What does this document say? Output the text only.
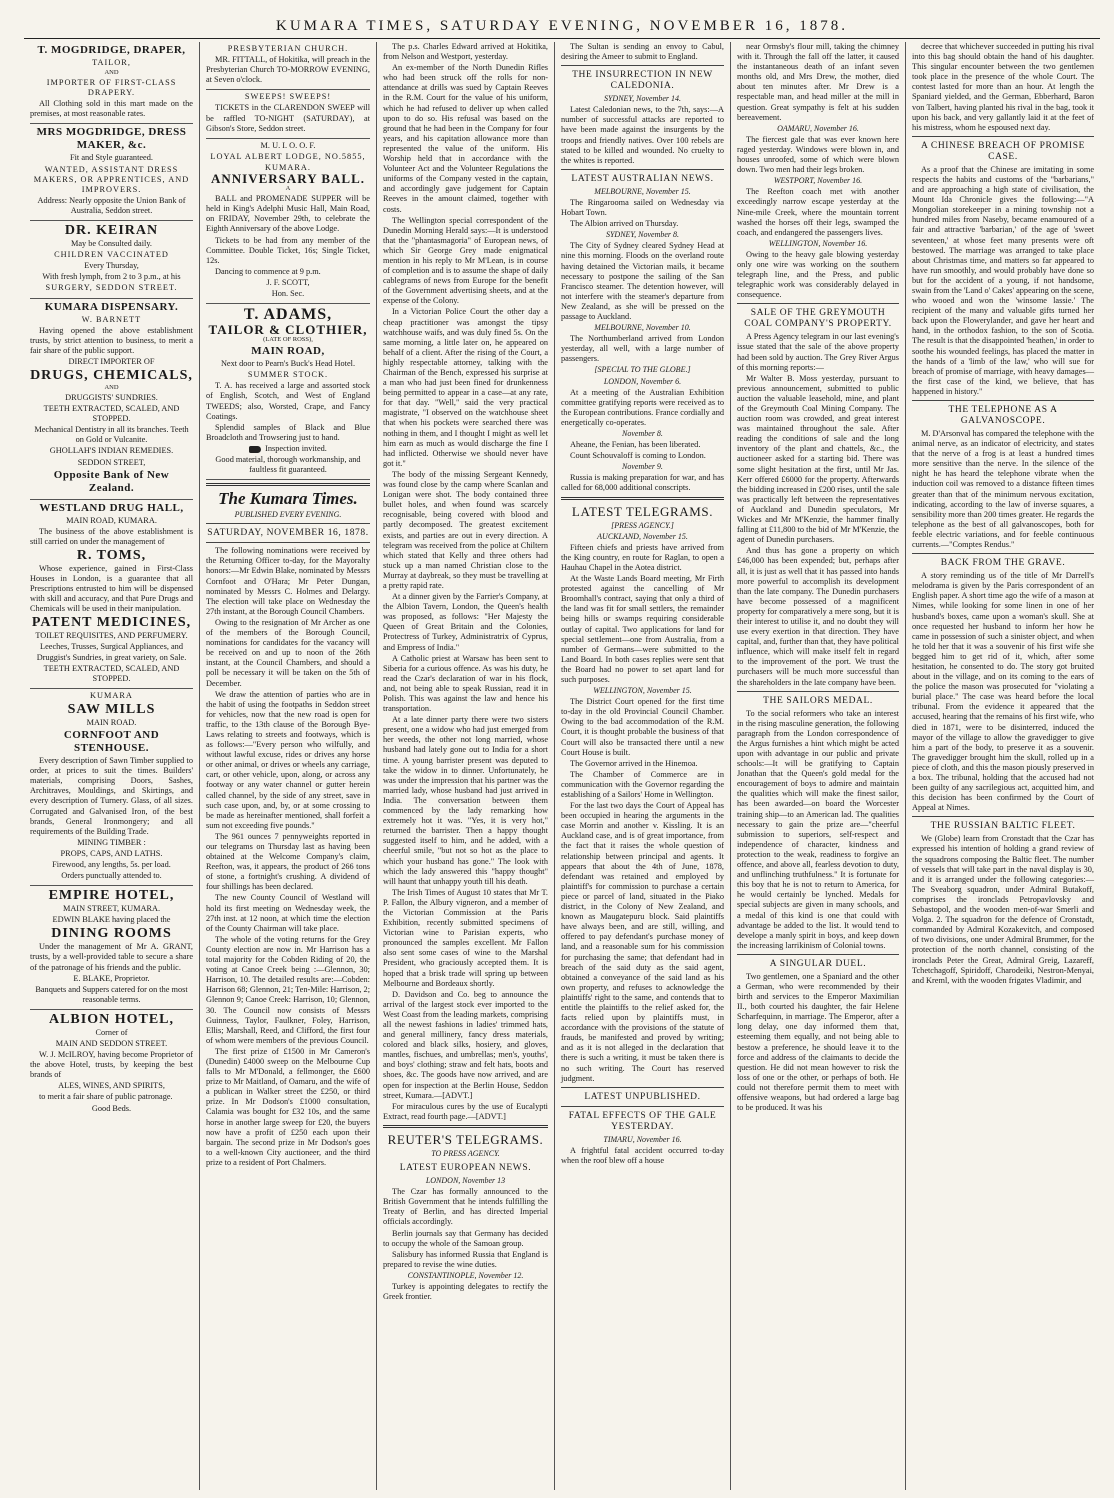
KUMARA TIMES, SATURDAY EVENING, NOVEMBER 16, 1878.

T. MOGDRIDGE, DRAPER,

TAILOR,

AND

IMPORTER OF FIRST-CLASS DRAPERY.

All Clothing sold in this mart made on the premises, at most reasonable rates.

MRS MOGDRIDGE, DRESS MAKER, &c.

Fit and Style guaranteed.

WANTED, ASSISTANT DRESS MAKERS, OR APPRENTICES, AND IMPROVERS.

Address: Nearly opposite the Union Bank of Australia, Seddon street.

DR. KEIRAN

May be Consulted daily.

CHILDREN VACCINATED

Every Thursday,

With fresh lymph, from 2 to 3 p.m., at his

SURGERY, SEDDON STREET.

KUMARA DISPENSARY.

W. BARNETT

Having opened the above establishment trusts, by strict attention to business, to merit a fair share of the public support.

DIRECT IMPORTER OF

DRUGS, CHEMICALS,

AND

DRUGGISTS' SUNDRIES.

TEETH EXTRACTED, SCALED, AND STOPPED.

Mechanical Dentistry in all its branches. Teeth on Gold or Vulcanite.

GHOLLAH'S INDIAN REMEDIES.

SEDDON STREET,

Opposite Bank of New Zealand.

WESTLAND DRUG HALL,

MAIN ROAD, KUMARA.

The business of the above establishment is still carried on under the management of

R. TOMS,

Whose experience, gained in First-Class Houses in London, is a guarantee that all Prescriptions entrusted to him will be dispensed with skill and accuracy, and that Pure Drugs and Chemicals will be used in their manipulation.

PATENT MEDICINES,

TOILET REQUISITES, AND PERFUMERY.

Leeches, Trusses, Surgical Appliances, and Druggist's Sundries, in great variety, on Sale.

TEETH EXTRACTED, SCALED, AND STOPPED.

KUMARA

SAW MILLS

MAIN ROAD.

CORNFOOT AND STENHOUSE.

Every description of Sawn Timber supplied to order, at prices to suit the times. Builders' materials, comprising Doors, Sashes, Architraves, Mouldings, and Skirtings, and every description of Turnery. Glass, of all sizes. Corrugated and Galvanised Iron, of the best brands, General Ironmongery; and all requirements of the Building Trade.

MINING TIMBER :

PROPS, CAPS, AND LATHS.

Firewood, any lengths, 5s. per load.

Orders punctually attended to.

EMPIRE HOTEL,

MAIN STREET, KUMARA.

EDWIN BLAKE having placed the

DINING ROOMS

Under the management of Mr A. GRANT, trusts, by a well-provided table to secure a share of the patronage of his friends and the public.

E. BLAKE, Proprietor.

Banquets and Suppers catered for on the most reasonable terms.

ALBION HOTEL,

Corner of

MAIN AND SEDDON STREET.

W. J. McILROY, having become Proprietor of the above Hotel, trusts, by keeping the best brands of

ALES, WINES, AND SPIRITS,

to merit a fair share of public patronage.

Good Beds.

PRESBYTERIAN CHURCH.

MR. FITTALL, of Hokitika, will preach in the Presbyterian Church TO-MORROW EVENING, at Seven o'clock.

SWEEPS! SWEEPS!

TICKETS in the CLARENDON SWEEP will be raffled TO-NIGHT (SATURDAY), at Gibson's Store, Seddon street.

M. U. I. O. O. F.

LOYAL ALBERT LODGE, NO.5855,

KUMARA.

ANNIVERSARY BALL.

A

BALL and PROMENADE SUPPER will be held in King's Adelphi Music Hall, Main Road, on FRIDAY, November 29th, to celebrate the Eighth Anniversary of the above Lodge.

Tickets to be had from any member of the Committee. Double Ticket, 16s; Single Ticket, 12s.

Dancing to commence at 9 p.m.

J. F. SCOTT,

Hon. Sec.

T. ADAMS,

TAILOR & CLOTHIER,

(LATE OF ROSS),

MAIN ROAD,

Next door to Pearn's Buck's Head Hotel.

SUMMER STOCK.

T. A. has received a large and assorted stock of English, Scotch, and West of England TWEEDS; also, Worsted, Crape, and Fancy Coatings.

Splendid samples of Black and Blue Broadcloth and Trowsering just to hand.

Inspection invited.

Good material, thorough workmanship, and faultless fit guaranteed.

The Kumara Times.
PUBLISHED EVERY EVENING.
SATURDAY, NOVEMBER 16, 1878.

The following nominations were received by the Returning Officer to-day, for the Mayoralty honors:—Mr Edwin Blake, nominated by Messrs Cornfoot and O'Hara; Mr Peter Dungan, nominated by Messrs C. Holmes and Delargy. The election will take place on Wednesday the 27th instant, at the Borough Council Chambers.

Owing to the resignation of Mr Archer as one of the members of the Borough Council, nominations for candidates for the vacancy will be received on and up to noon of the 26th instant, at the Council Chambers, and should a poll be necessary it will be taken on the 5th of December.

We draw the attention of parties who are in the habit of using the footpaths in Seddon street for vehicles, now that the new road is open for traffic, to the 13th clause of the Borough Bye-Laws relating to streets and footways, which is as follows:—"Every person who wilfully, and without lawful excuse, rides or drives any horse or other animal, or drives or wheels any carriage, cart, or other vehicle, upon, along, or across any footway or any water channel or gutter herein called channel, by the side of any street, save in such case upon, and, by, or at some crossing to be made as hereinafter mentioned, shall forfeit a sum not exceeding five pounds."

The 961 ounces 7 pennyweights reported in our telegrams on Thursday last as having been obtained at the Welcome Company's claim, Reefton, was, it appears, the product of 266 tons of stone, a fortnight's crushing. A dividend of four shillings has been declared.

The new County Council of Westland will hold its first meeting on Wednesday week, the 27th inst. at 12 noon, at which time the election of the County Chairman will take place.

The whole of the voting returns for the Grey County election are now in. Mr Harrison has a total majority for the Cobden Riding of 20, the voting at Canoe Creek being :—Glennon, 30; Harrison, 10. The detailed results are:—Cobden: Harrison 68; Glennon, 21; Ten-Mile: Harrison, 2; Glennon 9; Canoe Creek: Harrison, 10; Glennon, 30. The Council now consists of Messrs Guinness, Taylor, Faulkner, Foley, Harrison, Ellis; Marshall, Reed, and Clifford, the first four of whom were members of the previous Council.

The first prize of £1500 in Mr Cameron's (Dunedin) £4000 sweep on the Melbourne Cup falls to Mr M'Donald, a fellmonger, the £600 prize to Mr Maitland, of Oamaru, and the wife of a publican in Walker street the £250, or third prize. In Mr Dodson's £1000 consultation, Calamia was bought for £32 10s, and the same horse in another large sweep for £20, the buyers now have a profit of £250 each upon their bargain. The second prize in Mr Dodson's goes to a well-known City auctioneer, and the third prize to a resident of Port Chalmers.

The p.s. Charles Edward arrived at Hokitika, from Nelson and Westport, yesterday.

An ex-member of the North Dunedin Rifles who had been struck off the rolls for non-attendance at drills was sued by Captain Reeves in the R.M. Court for the value of his uniform, which he had refused to deliver up when called upon to do so. His refusal was based on the ground that he had been in the Company for four years, and his capitation allowance more than represented the value of the uniform. His Worship held that in accordance with the Volunteer Act and the Volunteer Regulations the uniforms of the Company vested in the captain, and accordingly gave judgement for Captain Reeves in the amount claimed, together with costs.

The Wellington special correspondent of the Dunedin Morning Herald says:—It is understood that the "phantasmagoria" of European news, of which Sir George Grey made enigmatical mention in his reply to Mr M'Lean, is in course of completion and is to assume the shape of daily cablegrams of news from Europe for the benefit of the Government advertising sheets, and at the expense of the Colony.

In a Victorian Police Court the other day a cheap practitioner was amongst the tipsy watchhouse waifs, and was duly fined 5s. On the same morning, a little later on, he appeared on behalf of a client. After the rising of the Court, a highly respectable attorney, talking with the Chairman of the Bench, expressed his surprise at a man who had just been fined for drunkenness being permitted to appear in a case—at any rate, for that day. "Well," said the very practical magistrate, "I observed on the watchhouse sheet that when his pockets were searched there was nothing in them, and I thought I might as well let him earn as much as would discharge the fine I had inflicted. Otherwise we should never have got it."

The body of the missing Sergeant Kennedy, was found close by the camp where Scanlan and Lonigan were shot. The body contained three bullet holes, and when found was scarcely recognisable, being covered with blood and partly decomposed. The greatest excitement exists, and parties are out in every direction. A telegram was received from the police at Chiltern which stated that Kelly and three others had stuck up a man named Christian close to the Murray at daybreak, so they must be travelling at a pretty rapid rate.

At a dinner given by the Farrier's Company, at the Albion Tavern, London, the Queen's health was proposed, as follows: "Her Majesty the Queen of Great Britain and the Colonies, Protectress of Turkey, Administratrix of Cyprus, and Empress of India."

A Catholic priest at Warsaw has been sent to Siberia for a curious offence. As was his duty, he read the Czar's declaration of war in his flock, and, not being able to speak Russian, read it in Polish. This was against the law and hence his transportation.

At a late dinner party there were two sisters present, one a widow who had just emerged from her weeds, the other not long married, whose husband had lately gone out to India for a short time. A young barrister present was deputed to take the widow in to dinner. Unfortunately, he was under the impression that his partner was the married lady, whose husband had just arrived in India. The conversation between them commenced by the lady remarking how extremely hot it was. "Yes, it is very hot," returned the barrister. Then a happy thought suggested itself to him, and he added, with a cheerful smile, "but not so hot as the place to which your husband has gone." The look with which the lady answered this "happy thought" will haunt that unhappy youth till his death.

The Irish Times of August 10 states that Mr T. P. Fallon, the Albury vigneron, and a member of the Victorian Commission at the Paris Exhibition, recently submitted specimens of Victorian wine to Parisian experts, who pronounced the samples excellent. Mr Fallon also sent some cases of wine to the Marshal President, who graciously accepted them. It is hoped that a brisk trade will spring up between Melbourne and Bordeaux shortly.

D. Davidson and Co. beg to announce the arrival of the largest stock ever imported to the West Coast from the leading markets, comprising all the newest fashions in ladies' trimmed hats, and general millinery, fancy dress materials, colored and black silks, hosiery, and gloves, mantles, fischues, and umbrellas; men's, youths', and boys' clothing; straw and felt hats, boots and shoes, &c. The goods have now arrived, and are open for inspection at the Berlin House, Seddon street, Kumara.—[ADVT.]

For miraculous cures by the use of Eucalypti Extract, read fourth page.—[ADVT.]

REUTER'S TELEGRAMS.
TO PRESS AGENCY.
LATEST EUROPEAN NEWS.
LONDON, November 13

The Czar has formally announced to the British Government that he intends fulfilling the Treaty of Berlin, and has directed Imperial officials accordingly.

Berlin journals say that Germany has decided to occupy the whole of the Samoan group.

Salisbury has informed Russia that England is prepared to revise the wine duties.

CONSTANTINOPLE, November 12.

Turkey is appointing delegates to rectify the Greek frontier.

The Sultan is sending an envoy to Cabul, desiring the Ameer to submit to England.

THE INSURRECTION IN NEW CALEDONIA.
SYDNEY, November 14.

Latest Caledonian news, to the 7th, says:—A number of successful attacks are reported to have been made against the insurgents by the troops and friendly natives. Over 100 rebels are stated to be killed and wounded. No cruelty to the whites is reported.

LATEST AUSTRALIAN NEWS.
MELBOURNE, November 15.

The Ringarooma sailed on Wednesday via Hobart Town.

The Albion arrived on Thursday.

SYDNEY, November 8.

The City of Sydney cleared Sydney Head at nine this morning. Floods on the overland route having detained the Victorian mails, it became necessary to postpone the sailing of the San Francisco steamer. The detention however, will not interfere with the steamer's departure from New Zealand, as she will be pressed on the passage to Auckland.

MELBOURNE, November 10.

The Northumberland arrived from London yesterday, all well, with a large number of passengers.

[SPECIAL TO THE GLOBE.]
LONDON, November 6.

At a meeting of the Australian Exhibition committee gratifying reports were received as to the European contributions. France cordially and energetically co-operates.

November 8.

Aheane, the Fenian, has been liberated.

Count Schouvaloff is coming to London.

November 9.

Russia is making preparation for war, and has called for 68,000 additional conscripts.

LATEST TELEGRAMS.
[PRESS AGENCY.]
AUCKLAND, November 15.

Fifteen chiefs and priests have arrived from the King country, en route for Raglan, to open a Hauhau Chapel in the Aotea district.

At the Waste Lands Board meeting, Mr Firth protested against the cancelling of Mr Broomhall's contract, saying that only a third of the land was fit for small settlers, the remainder being hills or swamps requiring considerable outlay of capital. Two applications for land for special settlement—one from Australia, from a number of Germans—were submitted to the Land Board. In both cases replies were sent that the Board had no power to set apart land for such purposes.

WELLINGTON, November 15.

The District Court opened for the first time to-day in the old Provincial Council Chamber. Owing to the bad accommodation of the R.M. Court, it is thought probable the business of that Court will also be transacted there until a new Court House is built.

The Governor arrived in the Hinemoa.

The Chamber of Commerce are in communication with the Governor regarding the establishing of a Sailors' Home in Wellington.

For the last two days the Court of Appeal has been occupied in hearing the arguments in the case Morrin and another v. Kissling. It is an Auckland case, and is of great importance, from the fact that it raises the whole question of relationship between principal and agents. It appears that about the 4th of June, 1878, defendant was retained and employed by plaintiff's for commission to purchase a certain piece or parcel of land, situated in the Piako district, in the Colony of New Zealand, and known as Maugatepuru block. Said plaintiffs have always been, and are still, willing, and offered to pay defendant's purchase money of land, and a reasonable sum for his commission for purchasing the same; that defendant had in breach of the said duty as the said agent, obtained a conveyance of the said land as his own property, and refuses to acknowledge the plaintiffs' right to the same, and contends that to entitle the plaintiffs to the relief asked for, the facts relied upon by plaintiffs must, in accordance with the provisions of the statute of frauds, be manifested and proved by writing; and as it is not alleged in the declaration that there is such a writing, it must be taken there is no such writing. The Court has reserved judgment.

LATEST UNPUBLISHED.
FATAL EFFECTS OF THE GALE YESTERDAY.
TIMARU, November 16.

A frightful fatal accident occurred to-day when the roof blew off a house

near Ormsby's flour mill, taking the chimney with it. Through the fall off the latter, it caused the instantaneous death of an infant seven months old, and Mrs Drew, the mother, died about ten minutes after. Mr Drew is a respectable man, and head miller at the mill in question. Great sympathy is felt at his sudden bereavement.

OAMARU, November 16.

The fiercest gale that was ever known here raged yesterday. Windows were blown in, and houses unroofed, some of which were blown down. Two men had their legs broken.

WESTPORT, November 16.

The Reefton coach met with another exceedingly narrow escape yesterday at the Nine-mile Creek, where the mountain torrent washed the horses off their legs, swamped the coach, and endangered the passengers lives.

WELLINGTON, November 16.

Owing to the heavy gale blowing yesterday only one wire was working on the southern telegraph line, and the Press, and public telegraphic work was considerably delayed in consequence.

SALE OF THE GREYMOUTH COAL COMPANY'S PROPERTY.

A Press Agency telegram in our last evening's issue stated that the sale of the above property had been sold by auction. The Grey River Argus of this morning reports:—

Mr Walter B. Moss yesterday, pursuant to previous announcement, submitted to public auction the valuable leasehold, mine, and plant of the Greymouth Coal Mining Company. The auction room was crowded, and great interest was maintained throughout the sale. After reading the conditions of sale and the long inventory of the plant and chattels, &c., the auctioneer asked for a starting bid. There was some slight hesitation at the first, until Mr Jas. Kerr offered £6000 for the property. Afterwards the bidding increased in £200 rises, until the sale was practically left between the representatives of Auckland and Dunedin speculators, Mr Wickes and Mr M'Kenzie, the hammer finally falling at £11,800 to the bid of Mr M'Kenzie, the agent of Dunedin purchasers.

And thus has gone a property on which £46,000 has been expended; but, perhaps after all, it is just as well that it has passed into hands more powerful to accomplish its development than the late company. The Dunedin purchasers have become possessed of a magnificent property for comparatively a mere song, but it is their interest to utilise it, and no doubt they will use every exertion in that direction. They have capital, and, further than that, they have political influence, which will make itself felt in regard to the improvement of the port. We trust the purchasers will be much more successful than the shareholders in the late company have been.

THE SAILORS MEDAL.

To the social reformers who take an interest in the rising masculine generation, the following paragraph from the London correspondence of the Argus furnishes a hint which might be acted upon with advantage in our public and private schools:—It will be gratifying to Captain Jonathan that the Queen's gold medal for the encouragement of boys to admire and maintain the qualities which will make the finest sailor, has been awarded—on board the Worcester training ship—to an American lad. The qualities necessary to gain the prize are—"cheerful submission to superiors, self-respect and independence of character, kindness and protection to the weak, readiness to forgive an offence, and above all, fearless devotion to duty, and unflinching truthfulness." It is fortunate for this boy that he is not to return to America, for he would certainly be lynched. Medals for special subjects are given in many schools, and a medal of this kind is one that could with advantage be added to the list. It would tend to develope a manly spirit in boys, and keep down the increasing larrikinism of Colonial towns.

A SINGULAR DUEL.

Two gentlemen, one a Spaniard and the other a German, who were recommended by their birth and services to the Emperor Maximilian II., both courted his daughter, the fair Helene Scharfequinn, in marriage. The Emperor, after a long delay, one day informed them that, esteeming them equally, and not being able to bestow a preference, he should leave it to the force and address of the claimants to decide the question. He did not mean however to risk the loss of one or the other, or perhaps of both. He could not therefore permit them to meet with offensive weapons, but had ordered a large bag to be produced. It was his

decree that whichever succeeded in putting his rival into this bag should obtain the hand of his daughter. This singular encounter between the two gentlemen took place in the presence of the whole Court. The contest lasted for more than an hour. At length the Spaniard yielded, and the German, Ebberhard, Baron von Talbert, having planted his rival in the bag, took it upon his back, and very gallantly laid it at the feet of his mistress, whom he espoused next day.

A CHINESE BREACH OF PROMISE CASE.

As a proof that the Chinese are imitating in some respects the habits and customs of the "barbarians," and are approaching a high state of civilisation, the Mount Ida Chronicle gives the following:—"A Mongolian storekeeper in a mining township not a hundred miles from Naseby, became enamoured of a fair and attractive 'barbarian,' of the age of 'sweet seventeen,' at whose feet many presents were oft bestowed. The marriage was arranged to take place about Christmas time, and matters so far appeared to have run smoothly, and would probably have done so but for the accident of a young, if not handsome, swain from the 'Land o' Cakes' appearing on the scene, who wooed and won the 'winsome lassie.' The recipient of the many and valuable gifts turned her back upon the Flowerylander, and gave her heart and hand, in the orthodox fashion, to the son of Scotia. The result is that the disappointed 'heathen,' in order to soothe his wounded feelings, has placed the matter in the hands of a 'limb of the law,' who will sue for breach of promise of marriage, with heavy damages—the first case of the kind, we believe, that has happened in history."

THE TELEPHONE AS A GALVANOSCOPE.

M. D'Arsonval has compared the telephone with the animal nerve, as an indicator of electricity, and states that the nerve of a frog is at least a hundred times more sensitive than the nerve. In the silence of the night he has heard the telephone vibrate when the induction coil was removed to a distance fifteen times greater than that of the minimum nervous excitation, indicating, according to the law of inverse squares, a sensibility more than 200 times greater. He regards the telephone as the best of all galvanoscopes, both for feeble electric variations, and for feeble continuous currents.—"Comptes Rendus."

BACK FROM THE GRAVE.

A story reminding us of the title of Mr Darrell's melodrama is given by the Paris correspondent of an English paper. A short time ago the wife of a mason at Nimes, while looking for some linen in one of her husband's boxes, came upon a woman's skull. She at once requested her husband to inform her how he came in possession of such a sinister object, and when he told her that it was a souvenir of his first wife she begged him to get rid of it, which, after some hesitation, he consented to do. The story got bruited about in the village, and on its coming to the ears of the police the mason was prosecuted for "violating a burial place." The case was heard before the local tribunal. From the evidence it appeared that the accused, hearing that the remains of his first wife, who died in 1871, were to be disinterred, induced the mayor of the village to allow the gravedigger to give him a part of the body, to preserve it as a souvenir. The gravedigger brought him the skull, rolled up in a piece of cloth, and this the mason piously preserved in a box. The tribunal, holding that the accused had not been guilty of any sacrilegious act, acquitted him, and this decision has been confirmed by the Court of Appeal at Nimes.

THE RUSSIAN BALTIC FLEET.

We (Globe) learn from Cronstadt that the Czar has expressed his intention of holding a grand review of the squadrons composing the Baltic fleet. The number of vessels that will take part in the naval display is 30, and it is arranged under the following categories:—The Sveaborg squadron, under Admiral Butakoff, comprises the ironclads Petropavlovsky and Sebastopol, and the wooden men-of-war Smerli and Volga. 2. The squadron for the defence of Cronstadt, commanded by Admiral Kozakevitch, and composed of two divisions, one under Admiral Brummer, for the protection of the north channel, consisting of the ironclads Peter the Great, Admiral Greig, Lazareff, Tchetchagoff, Spiridoff, Charodeiki, Nestron-Menyai, and Kreml, with the wooden frigates Vladimir, and
